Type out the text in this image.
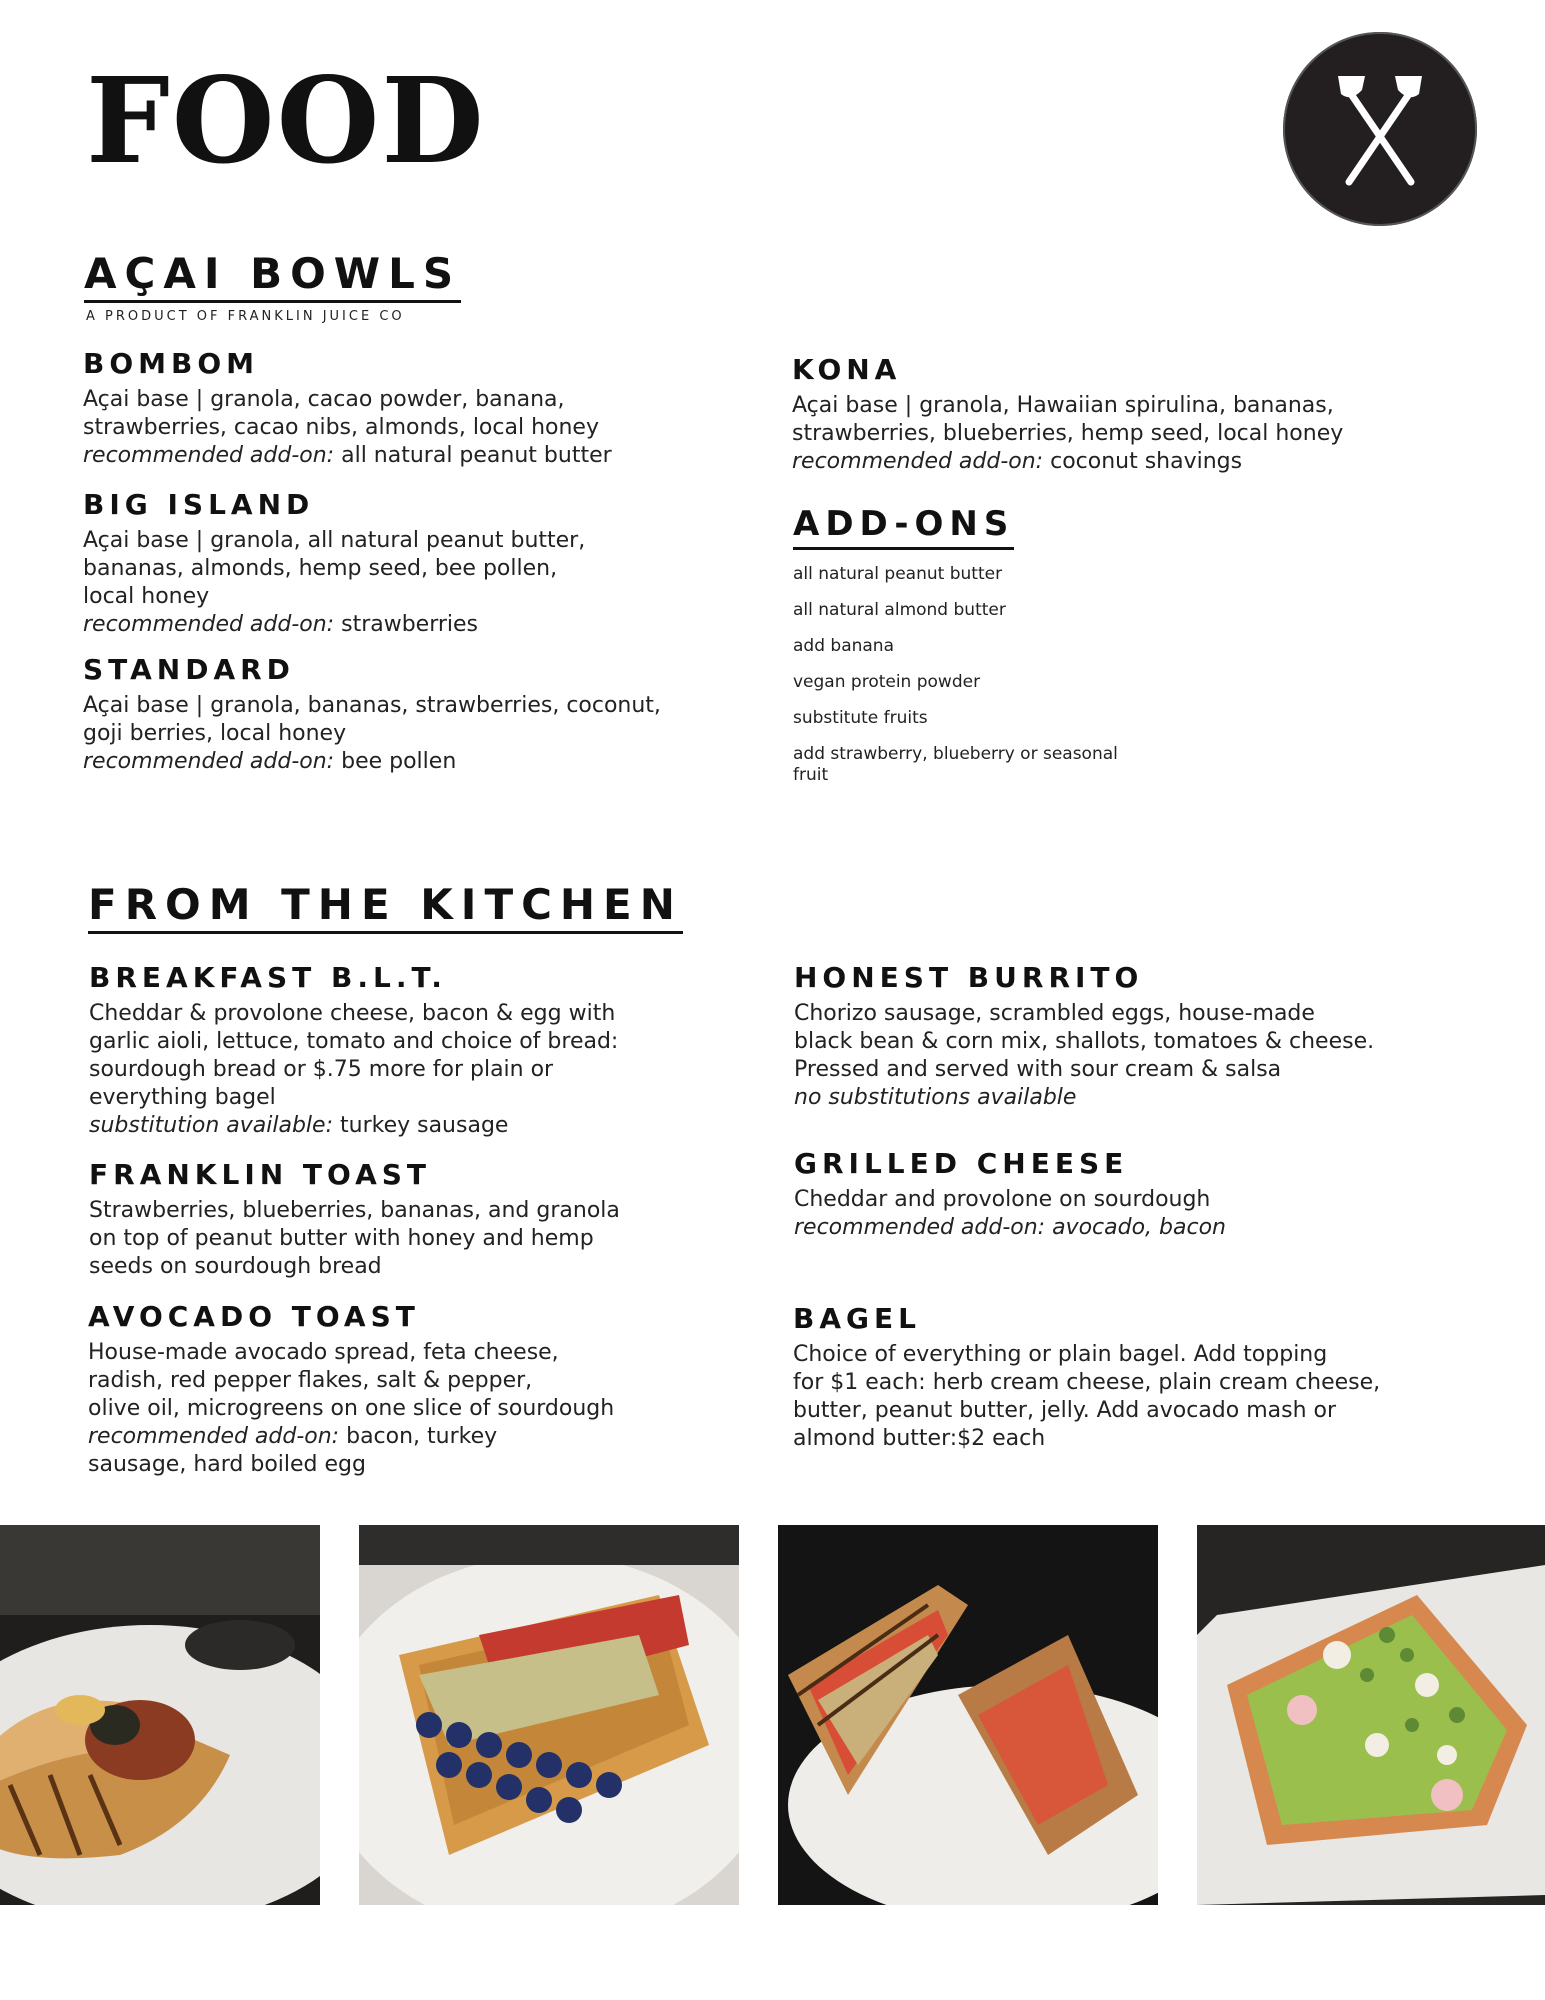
FOOD
AÇAI BOWLS
A PRODUCT OF FRANKLIN JUICE CO
BOMBOM
Açai base | granola, cacao powder, banana,
strawberries, cacao nibs, almonds, local honey
recommended add-on: all natural peanut butter
BIG ISLAND
Açai base | granola, all natural peanut butter,
bananas, almonds, hemp seed, bee pollen,
local honey
recommended add-on: strawberries
STANDARD
Açai base | granola, bananas, strawberries, coconut,
goji berries, local honey
recommended add-on: bee pollen
KONA
Açai base | granola, Hawaiian spirulina, bananas,
strawberries, blueberries, hemp seed, local honey
recommended add-on: coconut shavings
ADD-ONS
all natural peanut butter
all natural almond butter
add banana
vegan protein powder
substitute fruits
add strawberry, blueberry or seasonal fruit
FROM THE KITCHEN
BREAKFAST B.L.T.
Cheddar & provolone cheese, bacon & egg with
garlic aioli, lettuce, tomato and choice of bread:
sourdough bread or $.75 more for plain or
everything bagel
substitution available: turkey sausage
FRANKLIN TOAST
Strawberries, blueberries, bananas, and granola
on top of peanut butter with honey and hemp
seeds on sourdough bread
AVOCADO TOAST
House-made avocado spread, feta cheese,
radish, red pepper flakes, salt & pepper,
olive oil, microgreens on one slice of sourdough
recommended add-on: bacon, turkey
sausage, hard boiled egg
HONEST BURRITO
Chorizo sausage, scrambled eggs, house-made
black bean & corn mix, shallots, tomatoes & cheese.
Pressed and served with sour cream & salsa
no substitutions available
GRILLED CHEESE
Cheddar and provolone on sourdough
recommended add-on: avocado, bacon
BAGEL
Choice of everything or plain bagel. Add topping
for $1 each: herb cream cheese, plain cream cheese,
butter, peanut butter, jelly. Add avocado mash or
almond butter:$2 each
